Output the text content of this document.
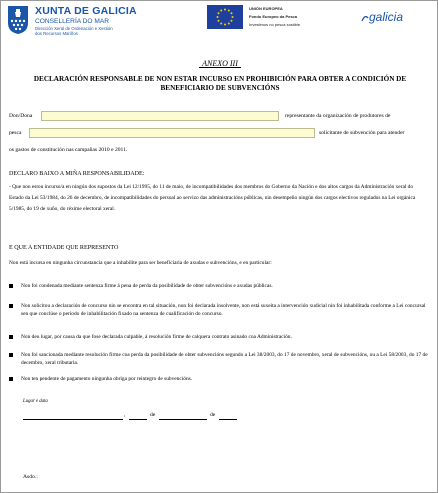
XUNTA DE GALICIA
CONSELLERÍA DO MAR
Dirección Xeral de Ordenación e Xestión
dos Recursos Mariños
UNIÓN EUROPEA
Fondo Europeo da Pesca
Investimos no pesca sostible
galicia
ANEXO III
DECLARACIÓN RESPONSABLE DE NON ESTAR INCURSO EN PROHIBICIÓN PARA OBTER A CONDICIÓN DE BENEFICIARIO DE SUBVENCIÓNS
Don/Dona	representante da organización de produtores de
pesca	solicitante de subvención para atender
os gastos de constitución nas campañas 2010 e 2011.
DECLARO BAIXO A MIÑA RESPONSABILIDADE:
- Que non estou incurso/a en ningún dos supostos da Lei 12/1995, do 11 de maio, de incompatibilidades dos membros do Goberno da Nación e dos altos cargos da Administración xeral do Estado da Lei 53/1984, do 26 de decembro, de incompatibilidades do persoal ao servizo das administracións públicas, nin desempeño ningún dos cargos electivos regulados na Lei orgánica 5/1985, do 19 de xuño, do réxime electoral xeral.
E QUE A ENTIDADE QUE REPRESENTO
Non está incursa en ningunha circunstancia que a inhabilite para ser beneficiaria de axudas e subvencións, e en particular:
Non foi condenada mediante sentenza firme á pena de perda da posibilidade de obter subvencións e axudas públicas.
Non solicitou a declaración de concurso nin se encontra en tal situación, non foi declarada insolvente, non está suxeita a intervención xudicial nin foi inhabilitada conforme a Lei concursal sen que conclúse o período de inhabilitación fixado na sentenza de cualificación do concurso.
Non deu lugar, por causa da que fose declarada culpable, á resolución firme de calquera contrato asinado coa Administración.
Non foi sancionada mediante resolución firme coa perda da posibilidade de obter subvencións segundo a Lei 38/2003, do 17 de novembro, xeral de subvencións, ou a Lei 58/2003, do 17 de decembro, xeral tributaria.
Non ten pendente de pagamento ningunha obriga por reintegro de subvencións.
Lugar e data
,	de	de
Asdo.:
